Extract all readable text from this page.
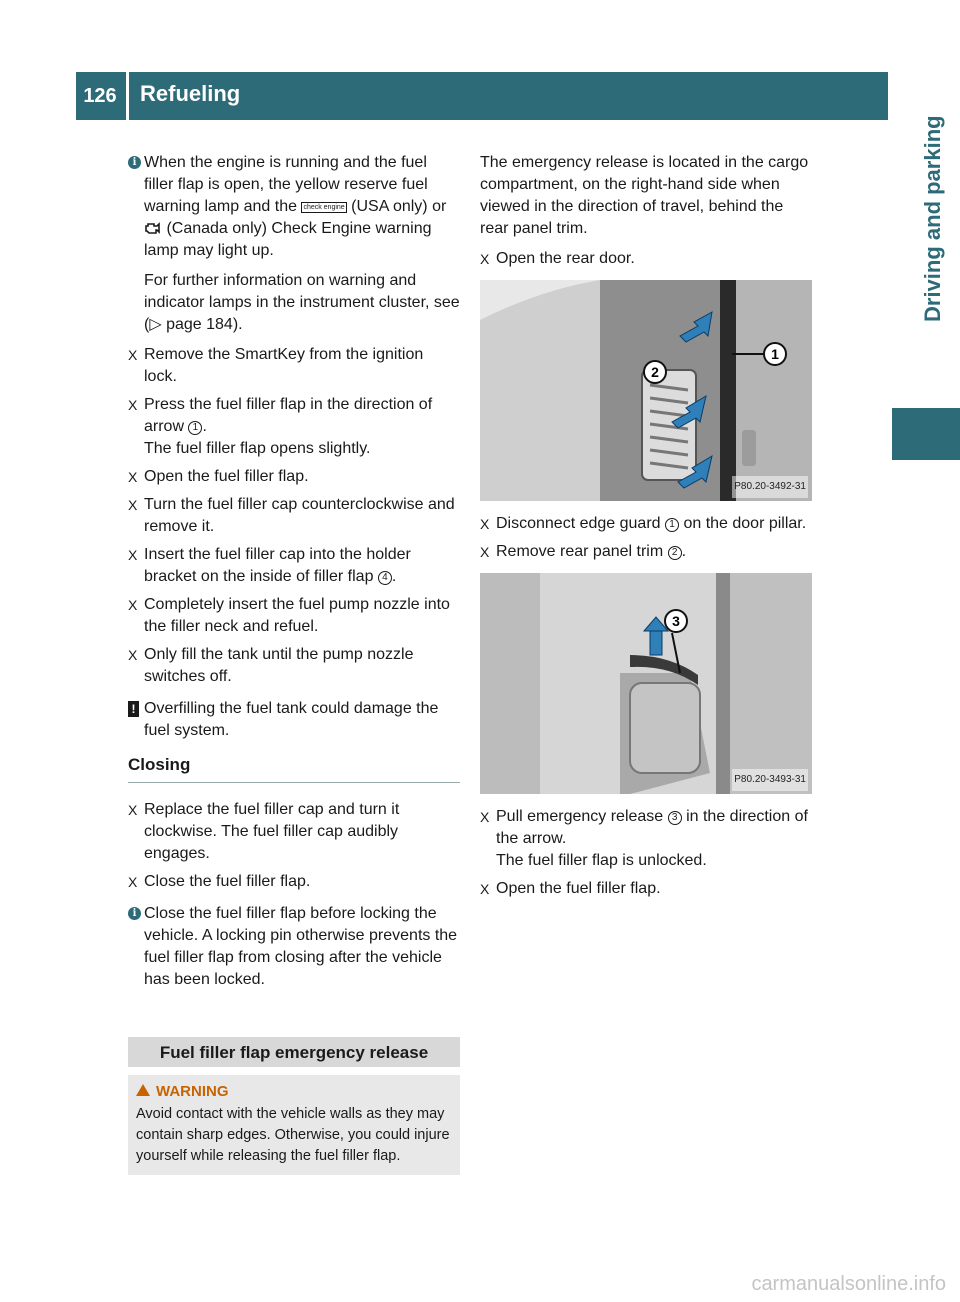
126	Refueling
Driving and parking
i When the engine is running and the fuel filler flap is open, the yellow reserve fuel warning lamp and the check engine (USA only) or  (Canada only) Check Engine warning lamp may light up.
For further information on warning and indicator lamps in the instrument cluster, see (▷ page 184).
X Remove the SmartKey from the ignition lock.
X Press the fuel filler flap in the direction of arrow 1 .
The fuel filler flap opens slightly.
X Open the fuel filler flap.
X Turn the fuel filler cap counterclockwise and remove it.
X Insert the fuel filler cap into the holder bracket on the inside of filler flap 4 .
X Completely insert the fuel pump nozzle into the filler neck and refuel.
X Only fill the tank until the pump nozzle switches off.
! Overfilling the fuel tank could damage the fuel system.
Closing
X Replace the fuel filler cap and turn it clockwise. The fuel filler cap audibly engages.
X Close the fuel filler flap.
i Close the fuel filler flap before locking the vehicle. A locking pin otherwise prevents the fuel filler flap from closing after the vehicle has been locked.
Fuel filler flap emergency release
WARNING
Avoid contact with the vehicle walls as they may contain sharp edges. Otherwise, you could injure yourself while releasing the fuel filler flap.
The emergency release is located in the cargo compartment, on the right-hand side when viewed in the direction of travel, behind the rear panel trim.
X Open the rear door.
1
2
P80.20-3492-31
X Disconnect edge guard 1 on the door pillar.
X Remove rear panel trim 2 .
3
P80.20-3493-31
X Pull emergency release 3 in the direction of the arrow.
The fuel filler flap is unlocked.
X Open the fuel filler flap.
carmanualsonline.info
